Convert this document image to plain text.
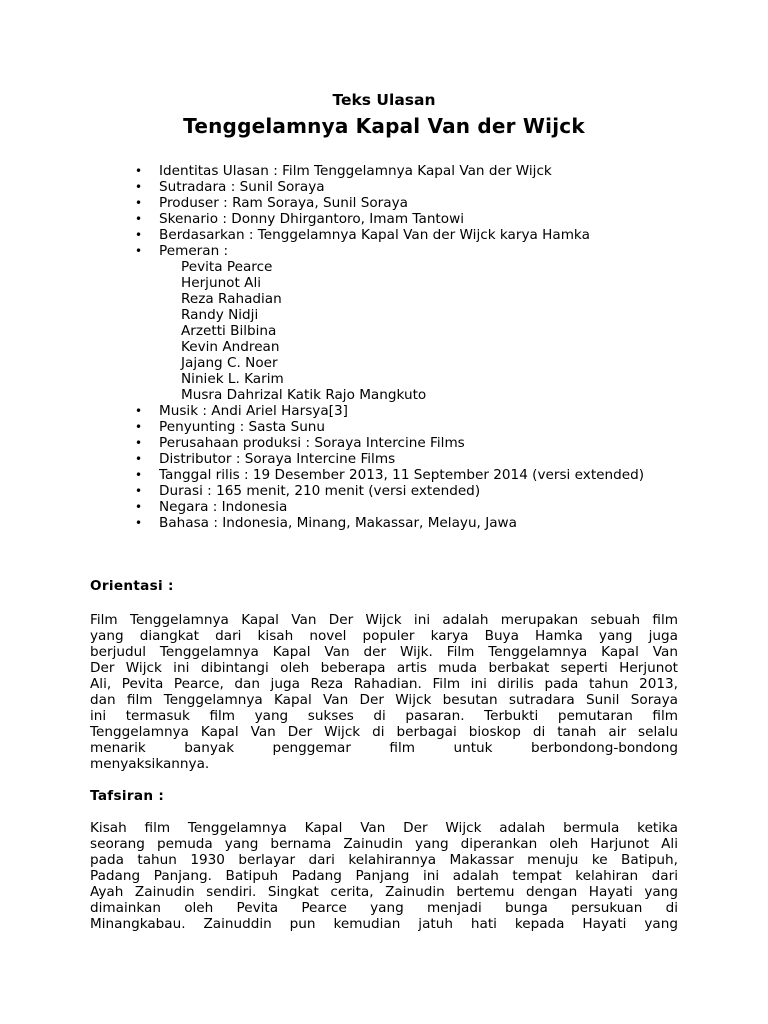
Teks Ulasan
Tenggelamnya Kapal Van der Wijck
• Identitas Ulasan : Film Tenggelamnya Kapal Van der Wijck
• Sutradara : Sunil Soraya
• Produser : Ram Soraya, Sunil Soraya
• Skenario : Donny Dhirgantoro, Imam Tantowi
• Berdasarkan : Tenggelamnya Kapal Van der Wijck karya Hamka
• Pemeran :
Pevita Pearce
Herjunot Ali
Reza Rahadian
Randy Nidji
Arzetti Bilbina
Kevin Andrean
Jajang C. Noer
Niniek L. Karim
Musra Dahrizal Katik Rajo Mangkuto
• Musik : Andi Ariel Harsya[3]
• Penyunting : Sasta Sunu
• Perusahaan produksi : Soraya Intercine Films
• Distributor : Soraya Intercine Films
• Tanggal rilis : 19 Desember 2013, 11 September 2014 (versi extended)
• Durasi : 165 menit, 210 menit (versi extended)
• Negara : Indonesia
• Bahasa : Indonesia, Minang, Makassar, Melayu, Jawa
Orientasi :
Film Tenggelamnya Kapal Van Der Wijck ini adalah merupakan sebuah film
yang diangkat dari kisah novel populer karya Buya Hamka yang juga
berjudul Tenggelamnya Kapal Van der Wijk. Film Tenggelamnya Kapal Van
Der Wijck ini dibintangi oleh beberapa artis muda berbakat seperti Herjunot
Ali, Pevita Pearce, dan juga Reza Rahadian. Film ini dirilis pada tahun 2013,
dan film Tenggelamnya Kapal Van Der Wijck besutan sutradara Sunil Soraya
ini termasuk film yang sukses di pasaran. Terbukti pemutaran film
Tenggelamnya Kapal Van Der Wijck di berbagai bioskop di tanah air selalu
menarik banyak penggemar film untuk berbondong-bondong
menyaksikannya.
Tafsiran :
Kisah film Tenggelamnya Kapal Van Der Wijck adalah bermula ketika
seorang pemuda yang bernama Zainudin yang diperankan oleh Harjunot Ali
pada tahun 1930 berlayar dari kelahirannya Makassar menuju ke Batipuh,
Padang Panjang. Batipuh Padang Panjang ini adalah tempat kelahiran dari
Ayah Zainudin sendiri. Singkat cerita, Zainudin bertemu dengan Hayati yang
dimainkan oleh Pevita Pearce yang menjadi bunga persukuan di
Minangkabau. Zainuddin pun kemudian jatuh hati kepada Hayati yang
